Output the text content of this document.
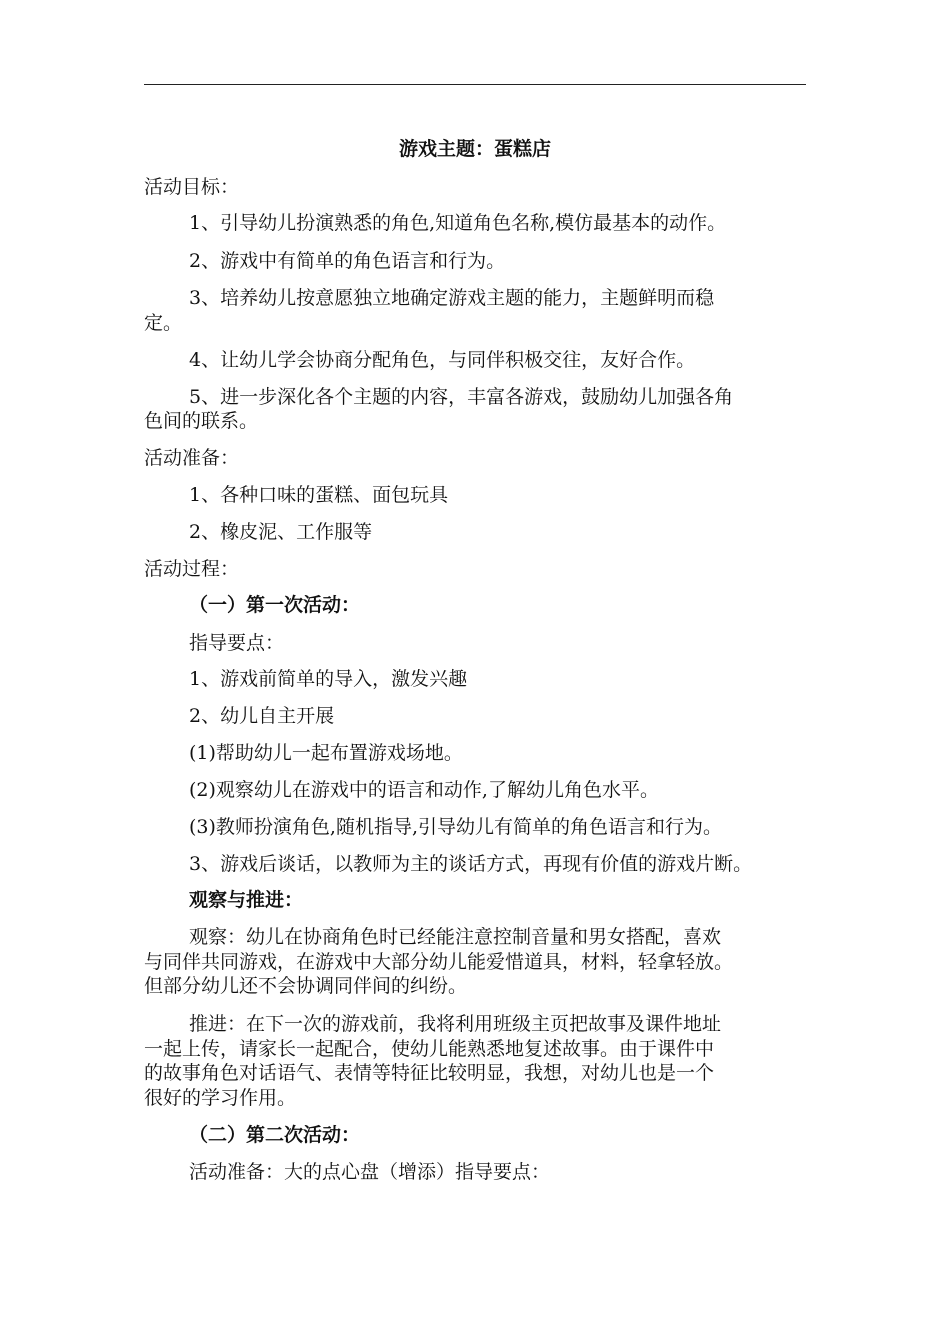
游戏主题：蛋糕店
活动目标：
1、引导幼儿扮演熟悉的角色,知道角色名称,模仿最基本的动作。
2、游戏中有简单的角色语言和行为。
3、培养幼儿按意愿独立地确定游戏主题的能力，主题鲜明而稳
定。
4、让幼儿学会协商分配角色，与同伴积极交往，友好合作。
5、进一步深化各个主题的内容，丰富各游戏，鼓励幼儿加强各角
色间的联系。
活动准备：
1、各种口味的蛋糕、面包玩具
2、橡皮泥、工作服等
活动过程：
（一）第一次活动：
指导要点：
1、游戏前简单的导入，激发兴趣
2、幼儿自主开展
(1)帮助幼儿一起布置游戏场地。
(2)观察幼儿在游戏中的语言和动作,了解幼儿角色水平。
(3)教师扮演角色,随机指导,引导幼儿有简单的角色语言和行为。
3、游戏后谈话，以教师为主的谈话方式，再现有价值的游戏片断。
观察与推进：
观察：幼儿在协商角色时已经能注意控制音量和男女搭配，喜欢
与同伴共同游戏，在游戏中大部分幼儿能爱惜道具，材料，轻拿轻放。
但部分幼儿还不会协调同伴间的纠纷。
推进：在下一次的游戏前，我将利用班级主页把故事及课件地址
一起上传，请家长一起配合，使幼儿能熟悉地复述故事。由于课件中
的故事角色对话语气、表情等特征比较明显，我想，对幼儿也是一个
很好的学习作用。
（二）第二次活动：
活动准备：大的点心盘（增添）指导要点：
